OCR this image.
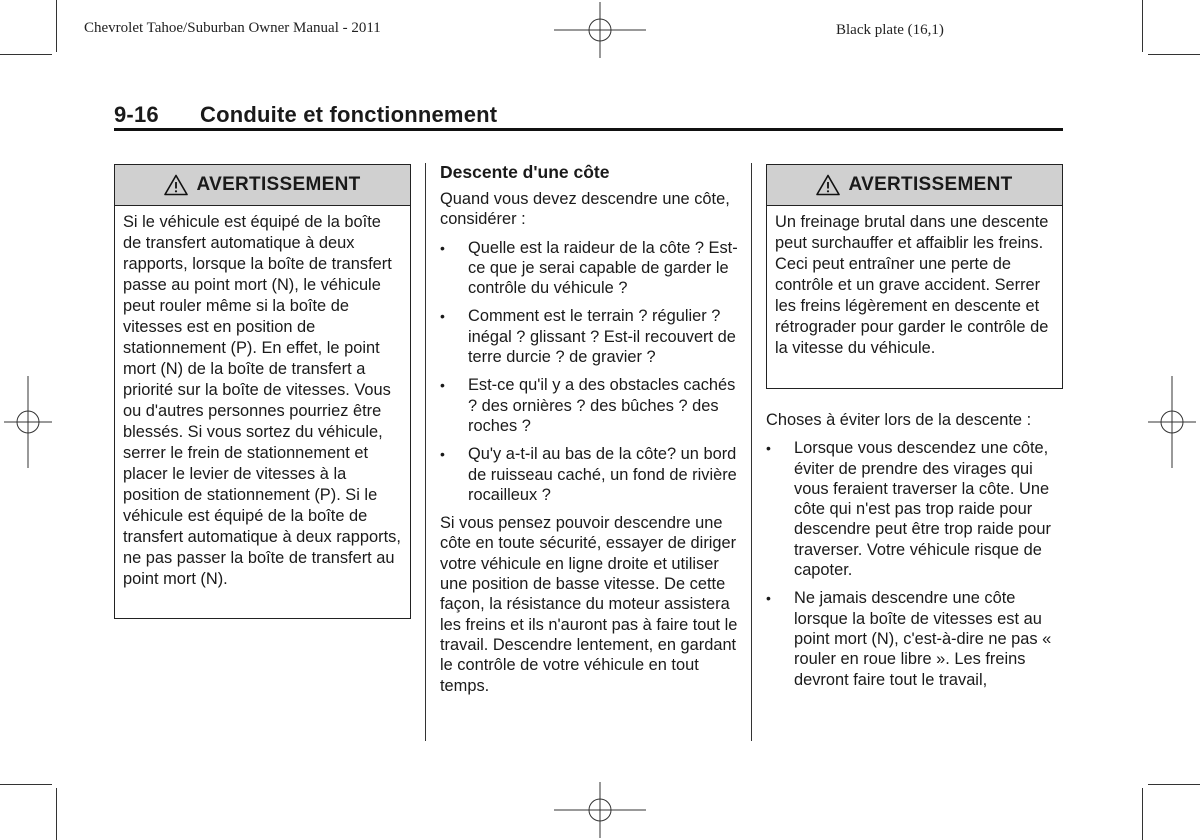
Chevrolet Tahoe/Suburban Owner Manual - 2011	Black plate (16,1)
9-16 Conduite et fonctionnement
AVERTISSEMENT
Si le véhicule est équipé de la boîte de transfert automatique à deux rapports, lorsque la boîte de transfert passe au point mort (N), le véhicule peut rouler même si la boîte de vitesses est en position de stationnement (P). En effet, le point mort (N) de la boîte de transfert a priorité sur la boîte de vitesses. Vous ou d'autres personnes pourriez être blessés. Si vous sortez du véhicule, serrer le frein de stationnement et placer le levier de vitesses à la position de stationnement (P). Si le véhicule est équipé de la boîte de transfert automatique à deux rapports, ne pas passer la boîte de transfert au point mort (N).
Descente d'une côte
Quand vous devez descendre une côte, considérer :
• Quelle est la raideur de la côte ? Est-ce que je serai capable de garder le contrôle du véhicule ?
• Comment est le terrain ? régulier ? inégal ? glissant ? Est-il recouvert de terre durcie ? de gravier ?
• Est-ce qu'il y a des obstacles cachés ? des ornières ? des bûches ? des roches ?
• Qu'y a-t-il au bas de la côte? un bord de ruisseau caché, un fond de rivière rocailleux ?
Si vous pensez pouvoir descendre une côte en toute sécurité, essayer de diriger votre véhicule en ligne droite et utiliser une position de basse vitesse. De cette façon, la résistance du moteur assistera les freins et ils n'auront pas à faire tout le travail. Descendre lentement, en gardant le contrôle de votre véhicule en tout temps.
AVERTISSEMENT
Un freinage brutal dans une descente peut surchauffer et affaiblir les freins. Ceci peut entraîner une perte de contrôle et un grave accident. Serrer les freins légèrement en descente et rétrograder pour garder le contrôle de la vitesse du véhicule.
Choses à éviter lors de la descente :
• Lorsque vous descendez une côte, éviter de prendre des virages qui vous feraient traverser la côte. Une côte qui n'est pas trop raide pour descendre peut être trop raide pour traverser. Votre véhicule risque de capoter.
• Ne jamais descendre une côte lorsque la boîte de vitesses est au point mort (N), c'est-à-dire ne pas « rouler en roue libre ». Les freins devront faire tout le travail,
